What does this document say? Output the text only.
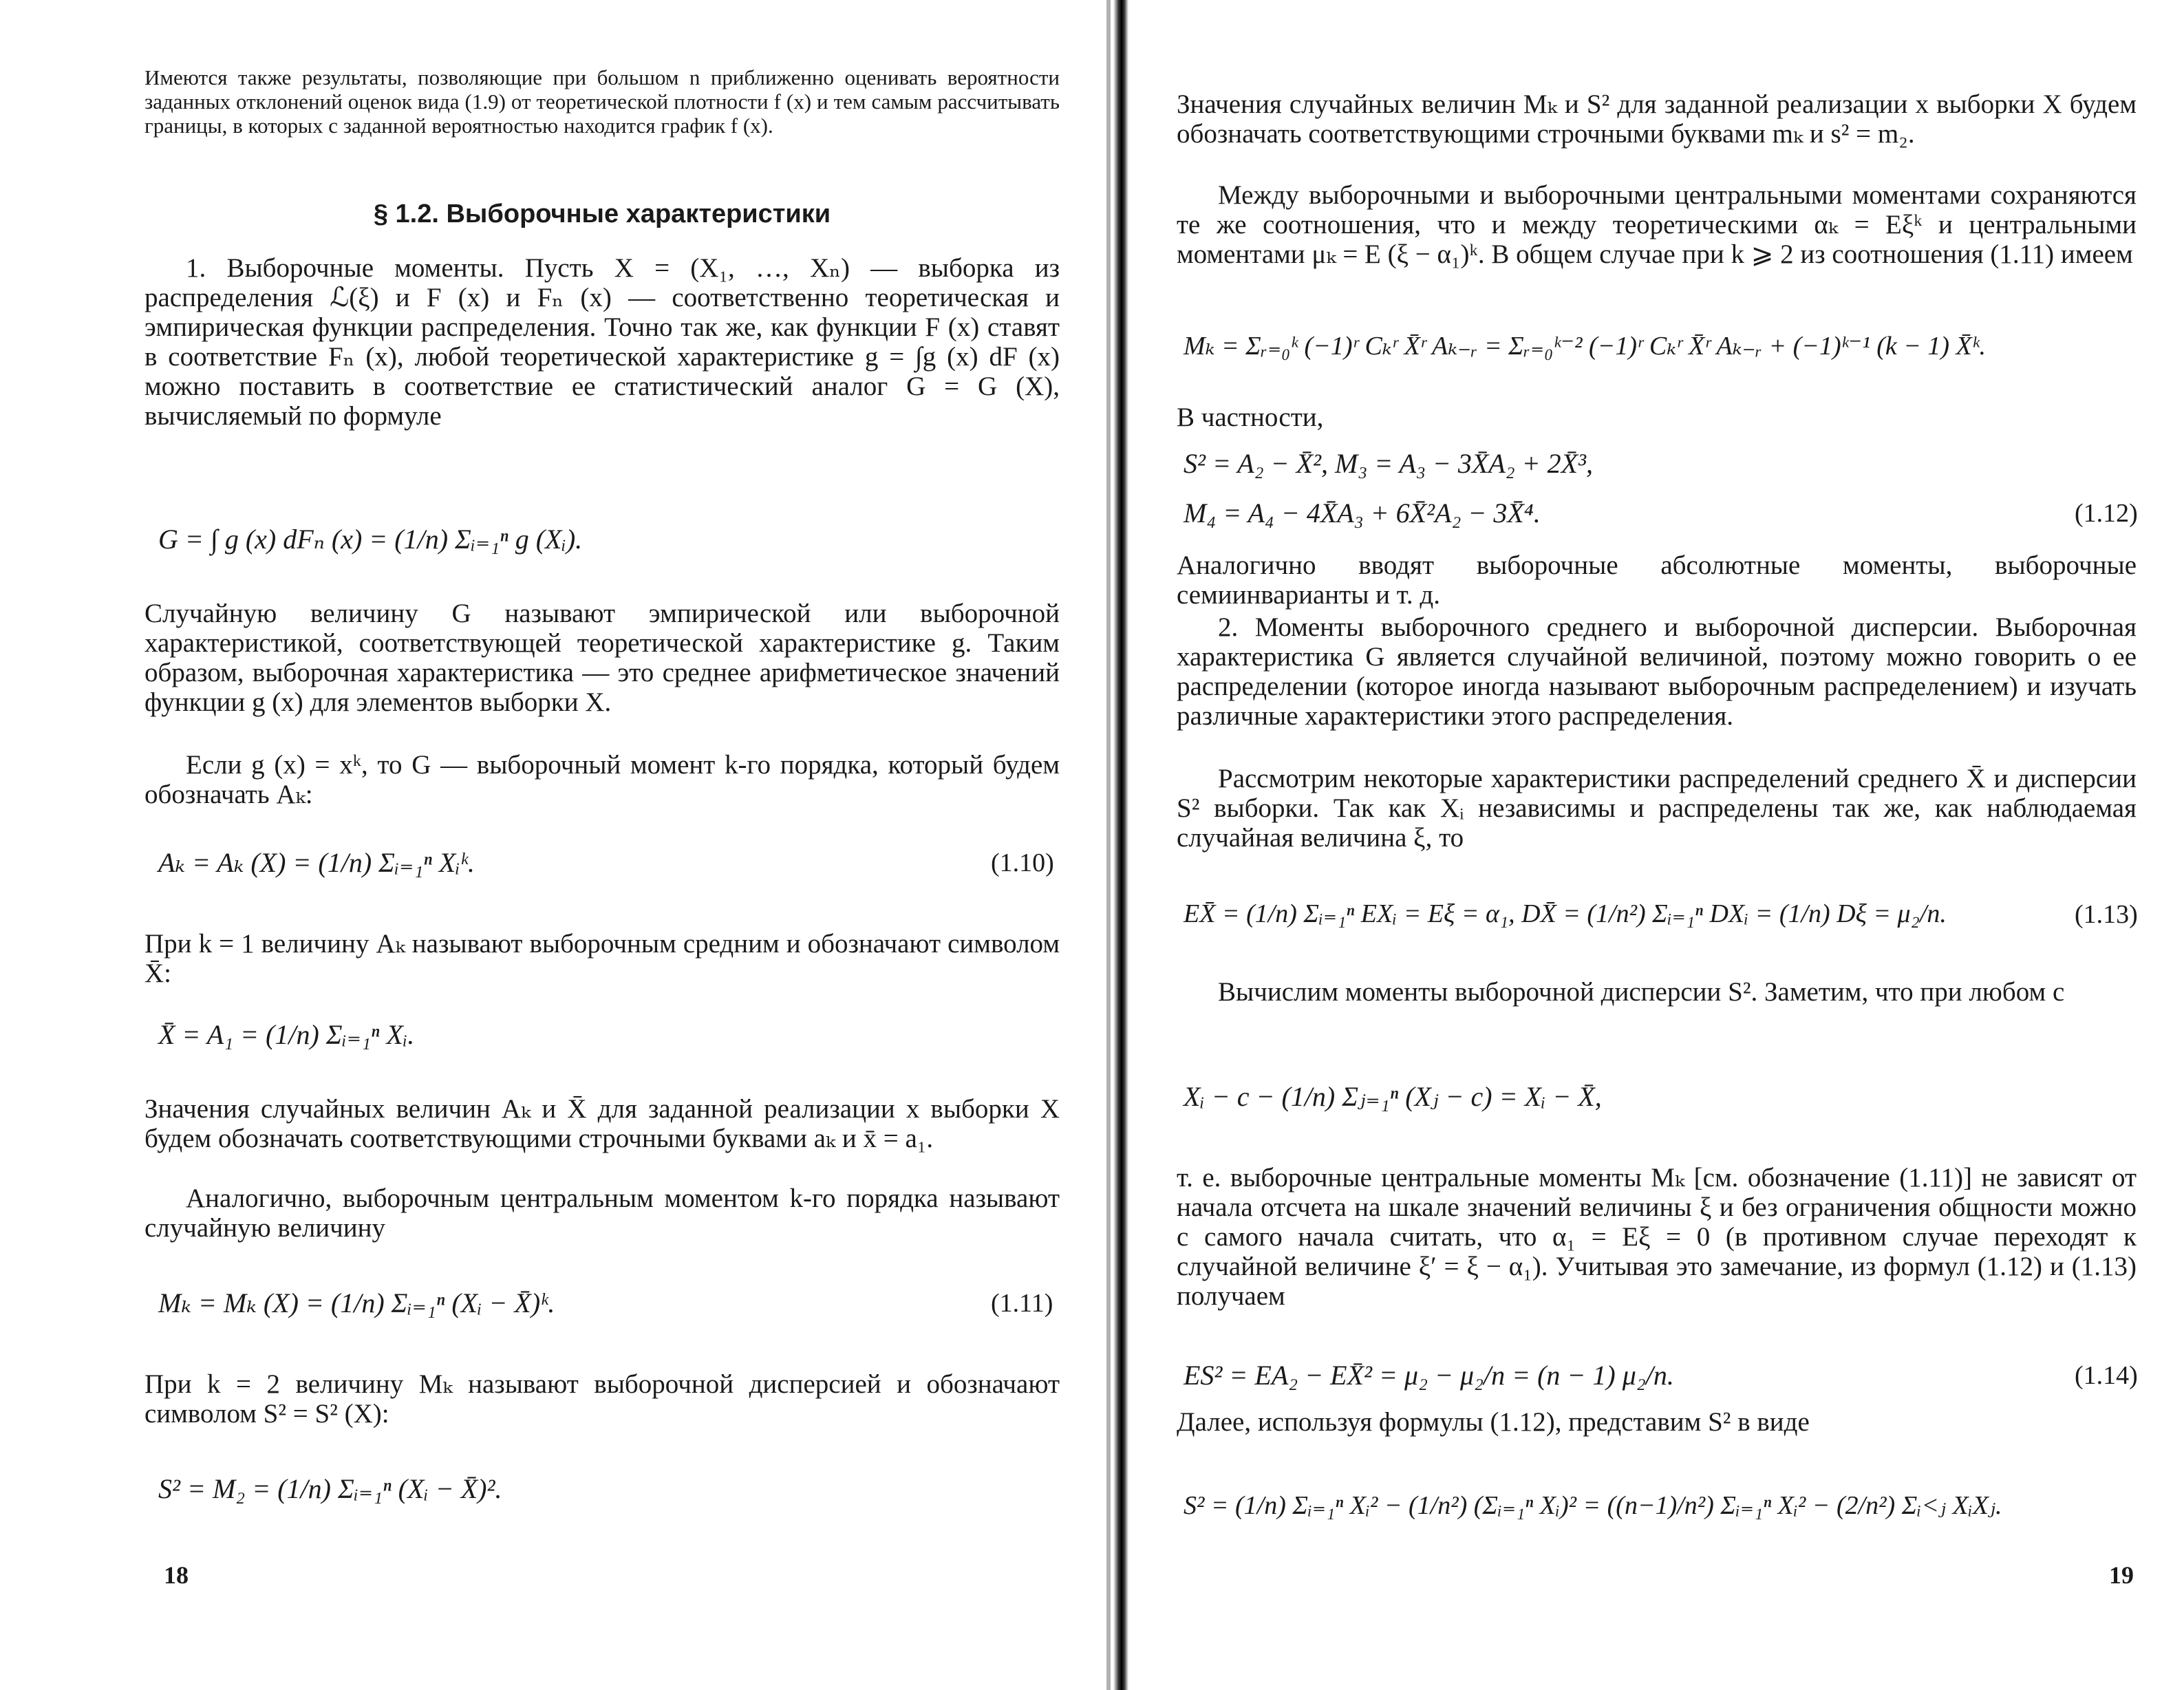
Имеются также результаты, позволяющие при большом n приближенно оценивать вероятности заданных отклонений оценок вида (1.9) от теоретической плотности f (x) и тем самым рассчитывать границы, в которых с заданной вероятностью находится график f (x).

§ 1.2. Выборочные характеристики

1. Выборочные моменты. Пусть X = (X₁, …, Xₙ) — выборка из распределения ℒ(ξ) и F (x) и Fₙ (x) — соответственно теоретическая и эмпирическая функции распределения. Точно так же, как функции F (x) ставят в соответствие Fₙ (x), любой теоретической характеристике g = ∫g (x) dF (x) можно поставить в соответствие ее статистический аналог G = G (X), вычисляемый по формуле

G = ∫ g (x) dFₙ (x) = (1/n) Σᵢ₌₁ⁿ g (Xᵢ).

Случайную величину G называют эмпирической или выборочной характеристикой, соответствующей теоретической характеристике g. Таким образом, выборочная характеристика — это среднее арифметическое значений функции g (x) для элементов выборки X.

Если g (x) = xᵏ, то G — выборочный момент k-го порядка, который будем обозначать Aₖ:

Aₖ = Aₖ (X) = (1/n) Σᵢ₌₁ⁿ Xᵢᵏ.	(1.10)

При k = 1 величину Aₖ называют выборочным средним и обозначают символом X̄:

X̄ = A₁ = (1/n) Σᵢ₌₁ⁿ Xᵢ.

Значения случайных величин Aₖ и X̄ для заданной реализации x выборки X будем обозначать соответствующими строчными буквами aₖ и x̄ = a₁.

Аналогично, выборочным центральным моментом k-го порядка называют случайную величину

Mₖ = Mₖ (X) = (1/n) Σᵢ₌₁ⁿ (Xᵢ − X̄)ᵏ.	(1.11)

При k = 2 величину Mₖ называют выборочной дисперсией и обозначают символом S² = S² (X):

S² = M₂ = (1/n) Σᵢ₌₁ⁿ (Xᵢ − X̄)².
18

Значения случайных величин Mₖ и S² для заданной реализации x выборки X будем обозначать соответствующими строчными буквами mₖ и s² = m₂.

Между выборочными и выборочными центральными моментами сохраняются те же соотношения, что и между теоретическими αₖ = Eξᵏ и центральными моментами μₖ = E (ξ − α₁)ᵏ. В общем случае при k ⩾ 2 из соотношения (1.11) имеем

Mₖ = Σᵣ₌₀ᵏ (−1)ʳ Cₖʳ X̄ʳ Aₖ₋ᵣ = Σᵣ₌₀ᵏ⁻² (−1)ʳ Cₖʳ X̄ʳ Aₖ₋ᵣ + (−1)ᵏ⁻¹ (k − 1) X̄ᵏ.

В частности,

S² = A₂ − X̄², M₃ = A₃ − 3X̄A₂ + 2X̄³,
M₄ = A₄ − 4X̄A₃ + 6X̄²A₂ − 3X̄⁴.	(1.12)

Аналогично вводят выборочные абсолютные моменты, выборочные семиинварианты и т. д.

2. Моменты выборочного среднего и выборочной дисперсии. Выборочная характеристика G является случайной величиной, поэтому можно говорить о ее распределении (которое иногда называют выборочным распределением) и изучать различные характеристики этого распределения.

Рассмотрим некоторые характеристики распределений среднего X̄ и дисперсии S² выборки. Так как Xᵢ независимы и распределены так же, как наблюдаемая случайная величина ξ, то

EX̄ = (1/n) Σᵢ₌₁ⁿ EXᵢ = Eξ = α₁, DX̄ = (1/n²) Σᵢ₌₁ⁿ DXᵢ = (1/n) Dξ = μ₂/n.	(1.13)

Вычислим моменты выборочной дисперсии S². Заметим, что при любом c

Xᵢ − c − (1/n) Σⱼ₌₁ⁿ (Xⱼ − c) = Xᵢ − X̄,

т. е. выборочные центральные моменты Mₖ [см. обозначение (1.11)] не зависят от начала отсчета на шкале значений величины ξ и без ограничения общности можно с самого начала считать, что α₁ = Eξ = 0 (в противном случае переходят к случайной величине ξ′ = ξ − α₁). Учитывая это замечание, из формул (1.12) и (1.13) получаем

ES² = EA₂ − EX̄² = μ₂ − μ₂/n = (n − 1) μ₂/n.	(1.14)

Далее, используя формулы (1.12), представим S² в виде

S² = (1/n) Σᵢ₌₁ⁿ Xᵢ² − (1/n²) (Σᵢ₌₁ⁿ Xᵢ)² = ((n−1)/n²) Σᵢ₌₁ⁿ Xᵢ² − (2/n²) Σᵢ<ⱼ XᵢXⱼ.
19
